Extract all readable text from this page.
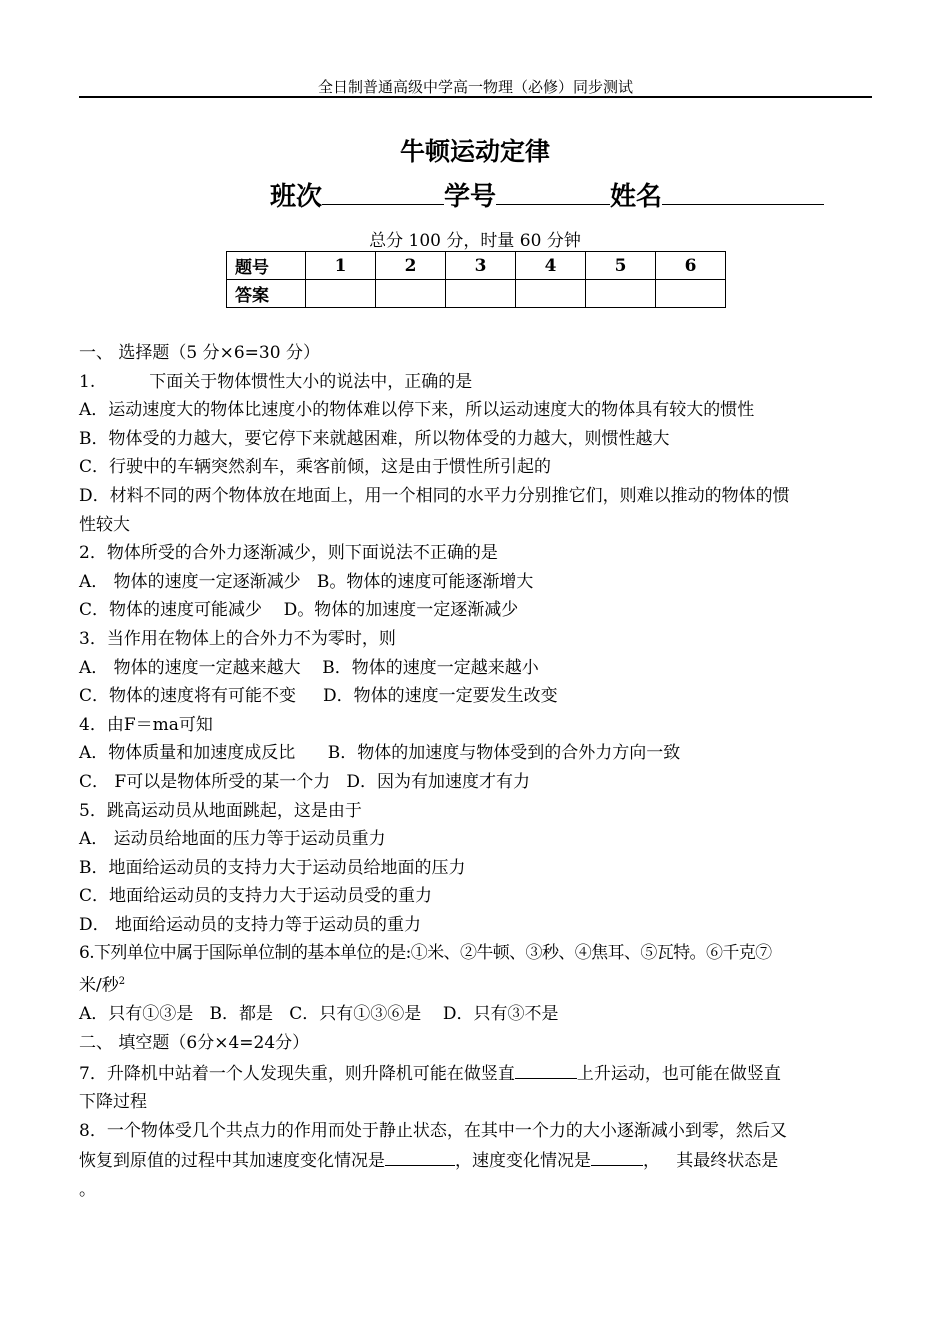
全日制普通高级中学高一物理（必修）同步测试
牛顿运动定律
班次	学号	姓名
总分 100 分，时量 60 分钟
题号	1	2	3	4	5	6
答案						
一、 选择题（5 分×6=30 分）
1.          下面关于物体惯性大小的说法中，正确的是
A．运动速度大的物体比速度小的物体难以停下来，所以运动速度大的物体具有较大的惯性
B．物体受的力越大，要它停下来就越困难，所以物体受的力越大，则惯性越大
C．行驶中的车辆突然刹车，乘客前倾，这是由于惯性所引起的
D．材料不同的两个物体放在地面上，用一个相同的水平力分别推它们，则难以推动的物体的惯
性较大
2．物体所受的合外力逐渐减少，则下面说法不正确的是
A． 物体的速度一定逐渐减少   B。物体的速度可能逐渐增大
C．物体的速度可能减少    D。物体的加速度一定逐渐减少
3．当作用在物体上的合外力不为零时，则
A． 物体的速度一定越来越大    B．物体的速度一定越来越小
C．物体的速度将有可能不变     D．物体的速度一定要发生改变
4．由F＝ma可知
A．物体质量和加速度成反比      B．物体的加速度与物体受到的合外力方向一致
C． F可以是物体所受的某一个力   D．因为有加速度才有力
5．跳高运动员从地面跳起，这是由于
A． 运动员给地面的压力等于运动员重力
B．地面给运动员的支持力大于运动员给地面的压力
C．地面给运动员的支持力大于运动员受的重力
D． 地面给运动员的支持力等于运动员的重力
6.下列单位中属于国际单位制的基本单位的是:①米、②牛顿、③秒、④焦耳、⑤瓦特。⑥千克⑦
米/秒$^2$
A．只有①③是   B．都是   C．只有①③⑥是    D．只有③不是
二、 填空题（6分×4=24分）
7．升降机中站着一个人发现失重，则升降机可能在做竖直	上升运动，也可能在做竖直
下降过程
8．一个物体受几个共点力的作用而处于静止状态，在其中一个力的大小逐渐减小到零，然后又
恢复到原值的过程中其加速度变化情况是	，速度变化情况是	，   其最终状态是
。
